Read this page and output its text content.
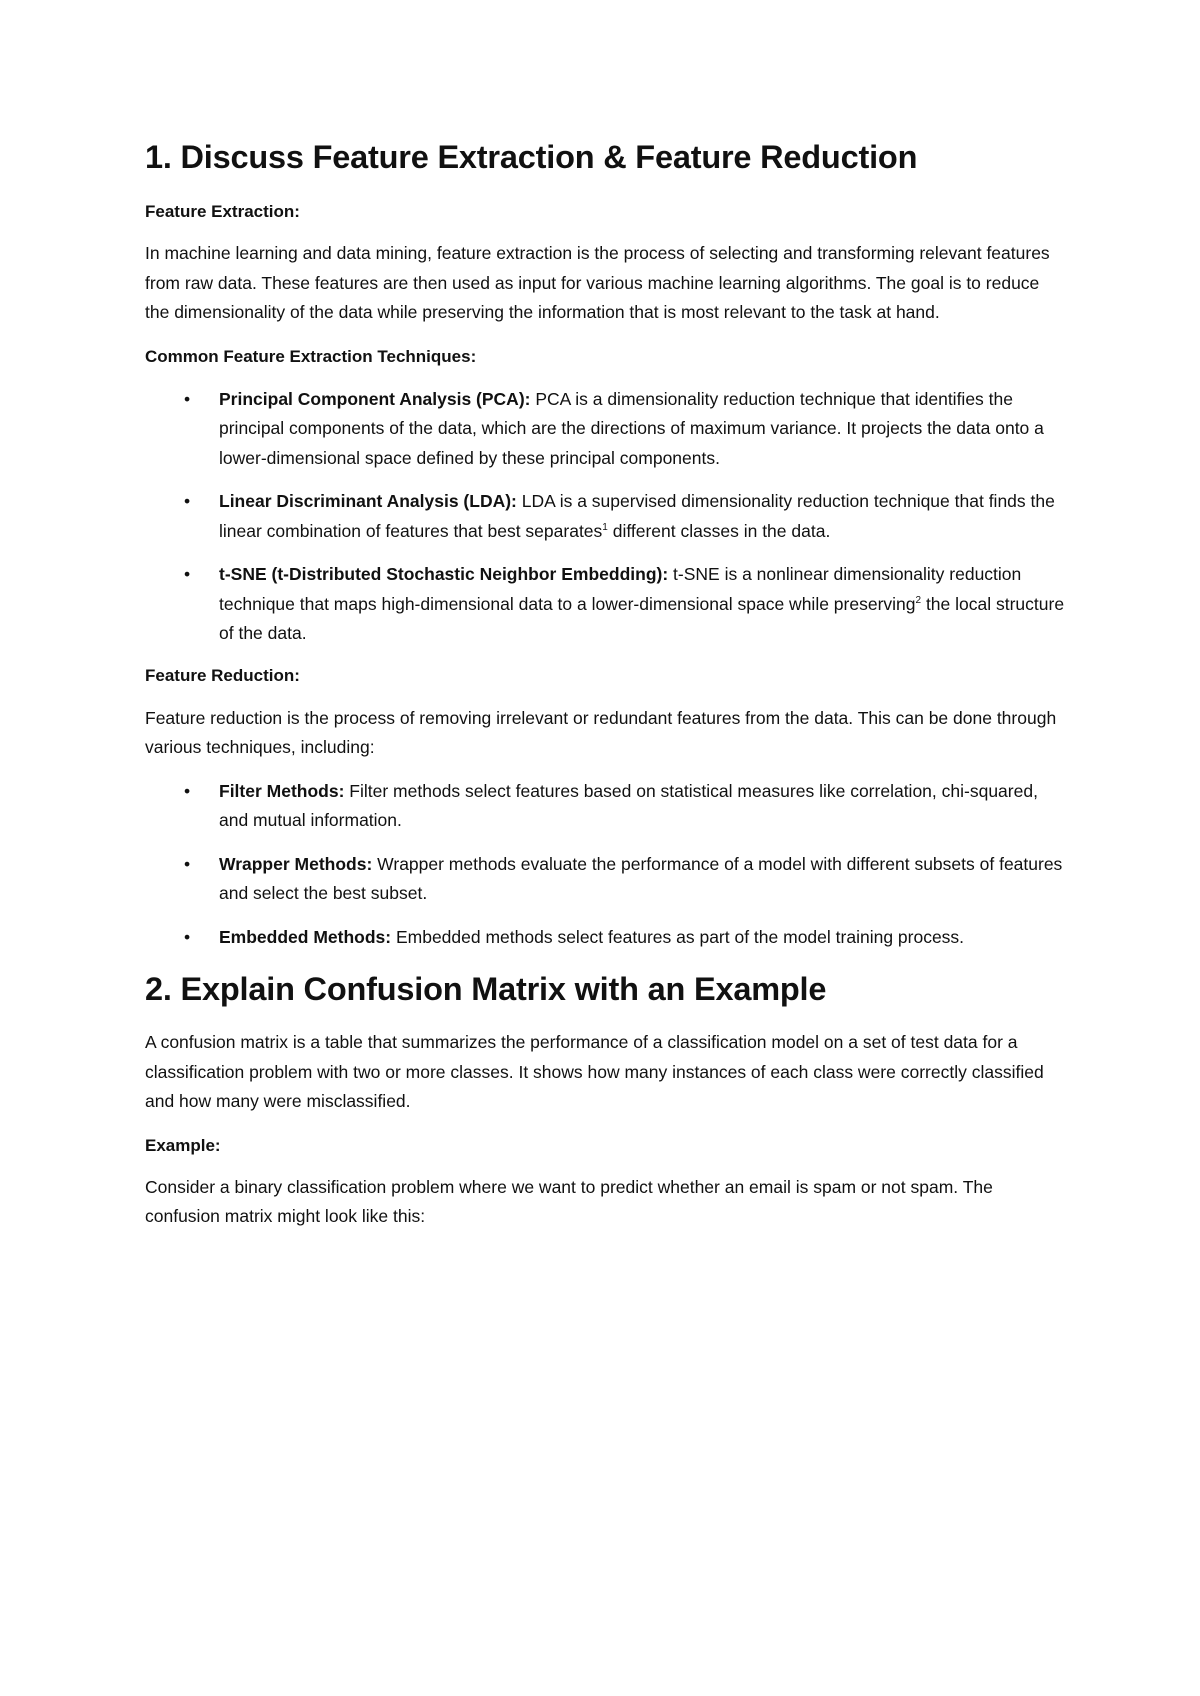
1. Discuss Feature Extraction & Feature Reduction
Feature Extraction:

In machine learning and data mining, feature extraction is the process of selecting and transforming relevant features from raw data. These features are then used as input for various machine learning algorithms. The goal is to reduce the dimensionality of the data while preserving the information that is most relevant to the task at hand.

Common Feature Extraction Techniques:
• Principal Component Analysis (PCA): PCA is a dimensionality reduction technique that identifies the principal components of the data, which are the directions of maximum variance. It projects the data onto a lower-dimensional space defined by these principal components.
• Linear Discriminant Analysis (LDA): LDA is a supervised dimensionality reduction technique that finds the linear combination of features that best separates$^1$ different classes in the data.
• t-SNE (t-Distributed Stochastic Neighbor Embedding): t-SNE is a nonlinear dimensionality reduction technique that maps high-dimensional data to a lower-dimensional space while preserving$^2$ the local structure of the data.
Feature Reduction:

Feature reduction is the process of removing irrelevant or redundant features from the data. This can be done through various techniques, including:

• Filter Methods: Filter methods select features based on statistical measures like correlation, chi-squared, and mutual information.
• Wrapper Methods: Wrapper methods evaluate the performance of a model with different subsets of features and select the best subset.
• Embedded Methods: Embedded methods select features as part of the model training process.
2. Explain Confusion Matrix with an Example

A confusion matrix is a table that summarizes the performance of a classification model on a set of test data for a classification problem with two or more classes. It shows how many instances of each class were correctly classified and how many were misclassified.

Example:

Consider a binary classification problem where we want to predict whether an email is spam or not spam. The confusion matrix might look like this:
